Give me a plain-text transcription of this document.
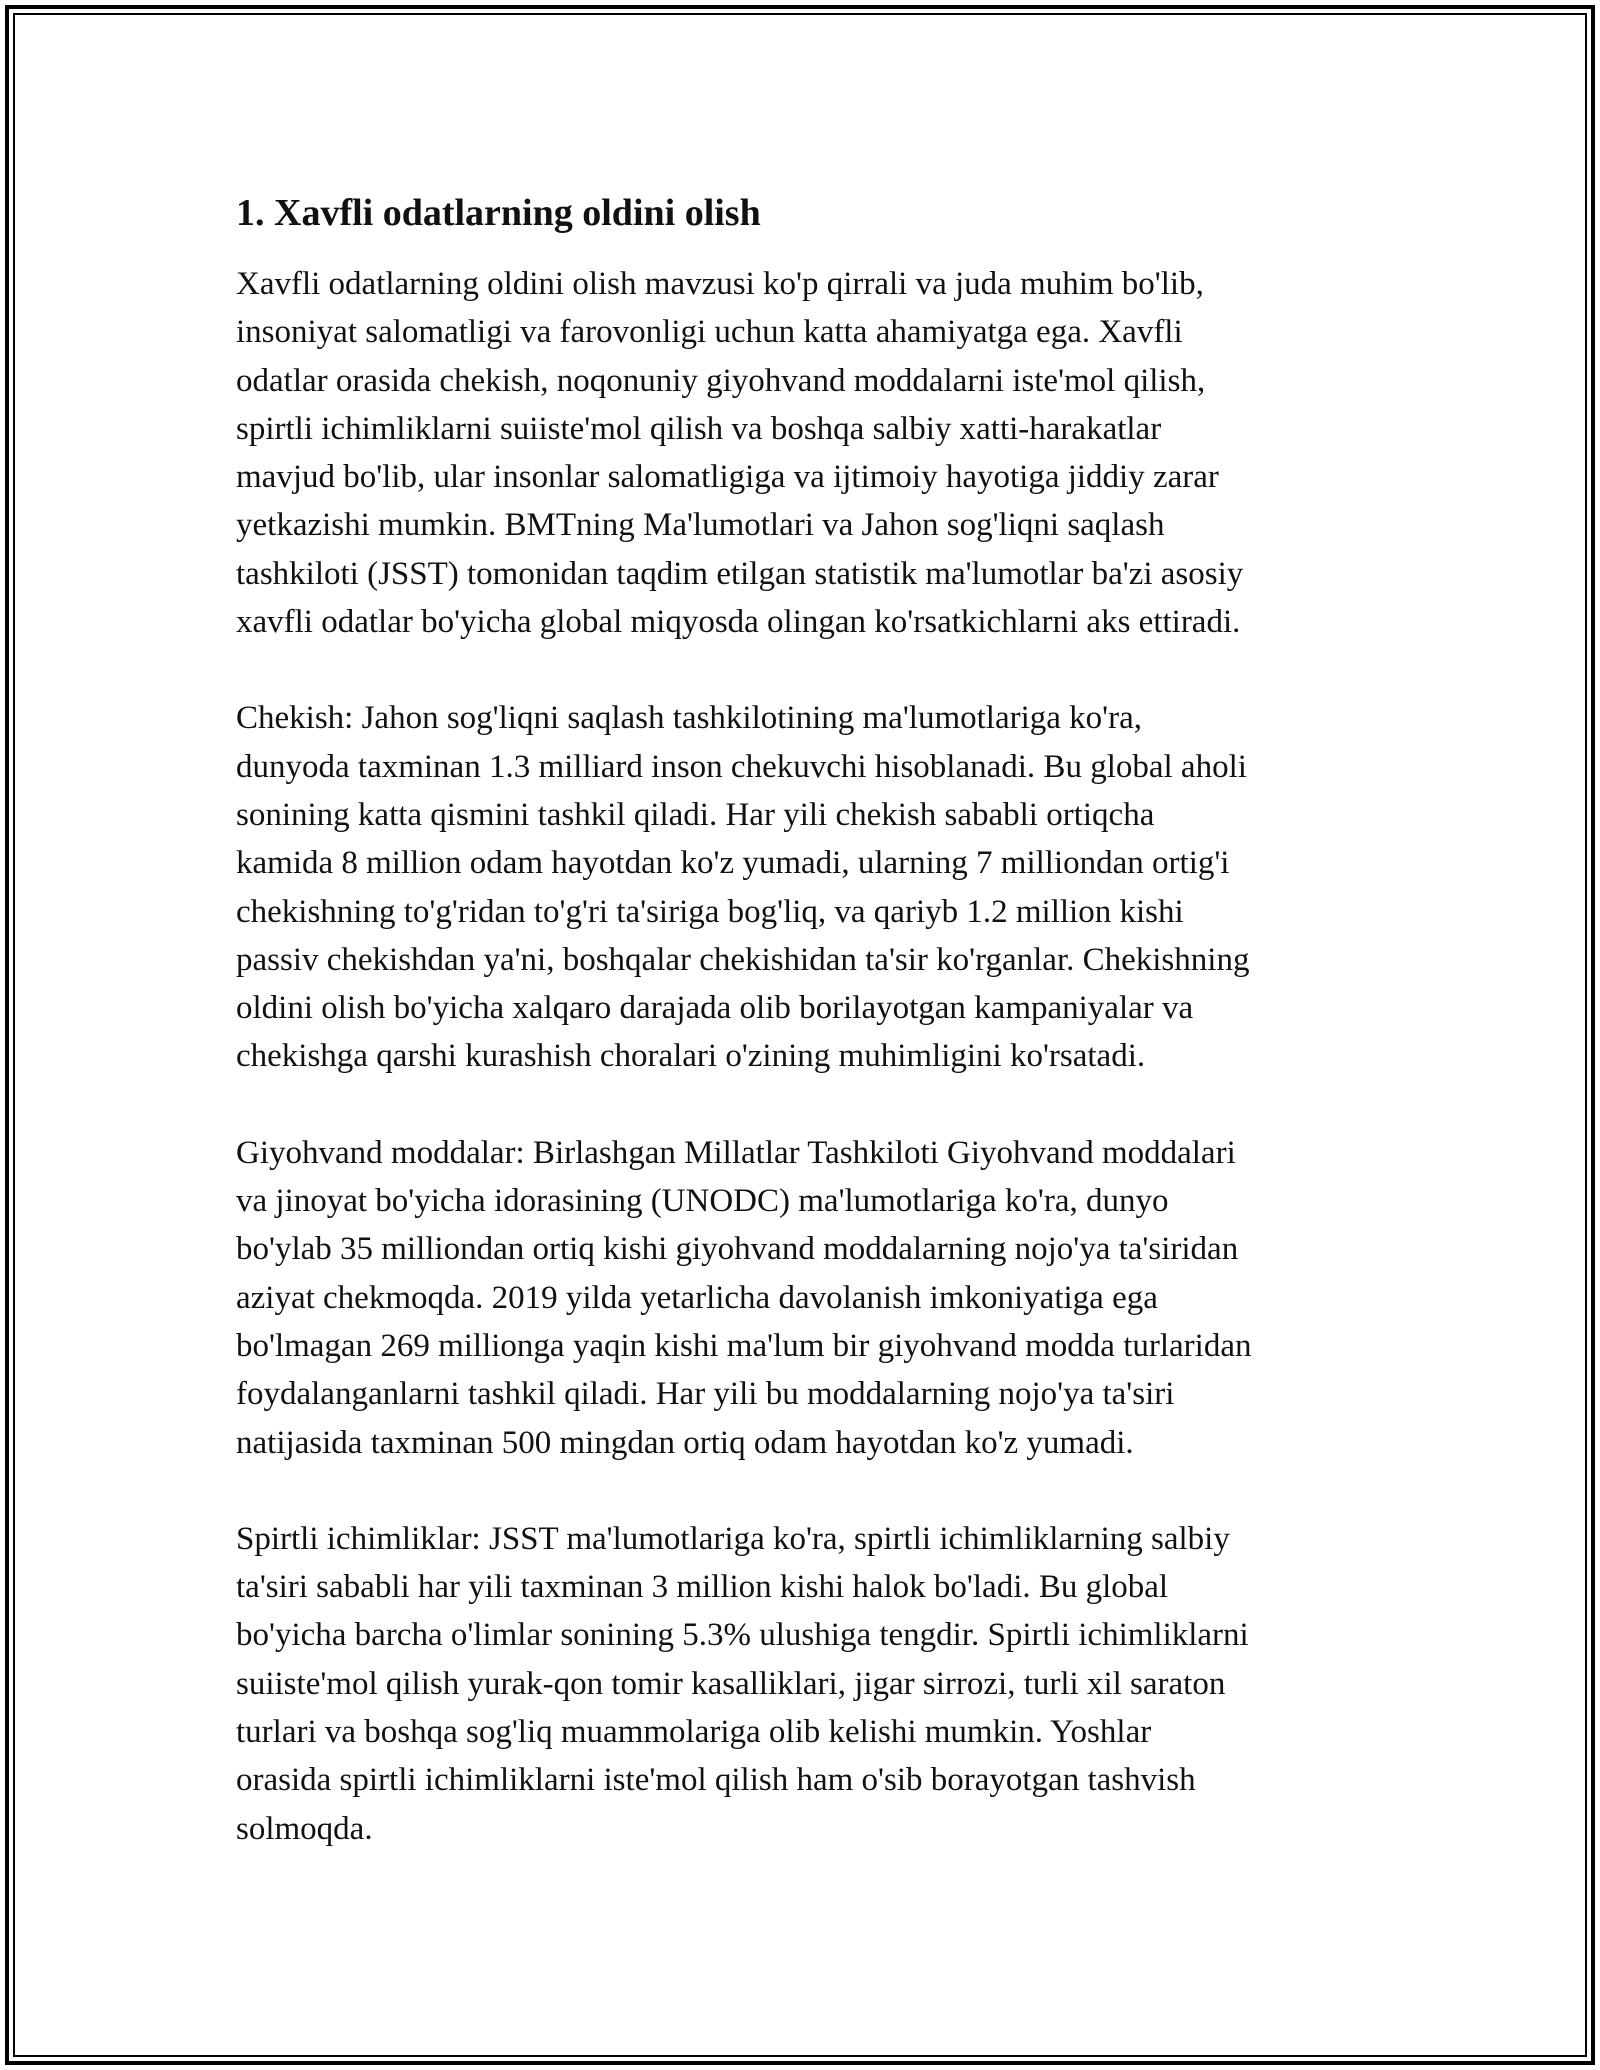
1. Xavfli odatlarning oldini olish

Xavfli odatlarning oldini olish mavzusi ko'p qirrali va juda muhim bo'lib,
insoniyat salomatligi va farovonligi uchun katta ahamiyatga ega. Xavfli
odatlar orasida chekish, noqonuniy giyohvand moddalarni iste'mol qilish,
spirtli ichimliklarni suiiste'mol qilish va boshqa salbiy xatti-harakatlar
mavjud bo'lib, ular insonlar salomatligiga va ijtimoiy hayotiga jiddiy zarar
yetkazishi mumkin. BMTning Ma'lumotlari va Jahon sog'liqni saqlash
tashkiloti (JSST) tomonidan taqdim etilgan statistik ma'lumotlar ba'zi asosiy
xavfli odatlar bo'yicha global miqyosda olingan ko'rsatkichlarni aks ettiradi.

Chekish: Jahon sog'liqni saqlash tashkilotining ma'lumotlariga ko'ra,
dunyoda taxminan 1.3 milliard inson chekuvchi hisoblanadi. Bu global aholi
sonining katta qismini tashkil qiladi. Har yili chekish sababli ortiqcha
kamida 8 million odam hayotdan ko'z yumadi, ularning 7 milliondan ortig'i
chekishning to'g'ridan to'g'ri ta'siriga bog'liq, va qariyb 1.2 million kishi
passiv chekishdan ya'ni, boshqalar chekishidan ta'sir ko'rganlar. Chekishning
oldini olish bo'yicha xalqaro darajada olib borilayotgan kampaniyalar va
chekishga qarshi kurashish choralari o'zining muhimligini ko'rsatadi.

Giyohvand moddalar: Birlashgan Millatlar Tashkiloti Giyohvand moddalari
va jinoyat bo'yicha idorasining (UNODC) ma'lumotlariga ko'ra, dunyo
bo'ylab 35 milliondan ortiq kishi giyohvand moddalarning nojo'ya ta'siridan
aziyat chekmoqda. 2019 yilda yetarlicha davolanish imkoniyatiga ega
bo'lmagan 269 millionga yaqin kishi ma'lum bir giyohvand modda turlaridan
foydalanganlarni tashkil qiladi. Har yili bu moddalarning nojo'ya ta'siri
natijasida taxminan 500 mingdan ortiq odam hayotdan ko'z yumadi.

Spirtli ichimliklar: JSST ma'lumotlariga ko'ra, spirtli ichimliklarning salbiy
ta'siri sababli har yili taxminan 3 million kishi halok bo'ladi. Bu global
bo'yicha barcha o'limlar sonining 5.3% ulushiga tengdir. Spirtli ichimliklarni
suiiste'mol qilish yurak-qon tomir kasalliklari, jigar sirrozi, turli xil saraton
turlari va boshqa sog'liq muammolariga olib kelishi mumkin. Yoshlar
orasida spirtli ichimliklarni iste'mol qilish ham o'sib borayotgan tashvish
solmoqda.
